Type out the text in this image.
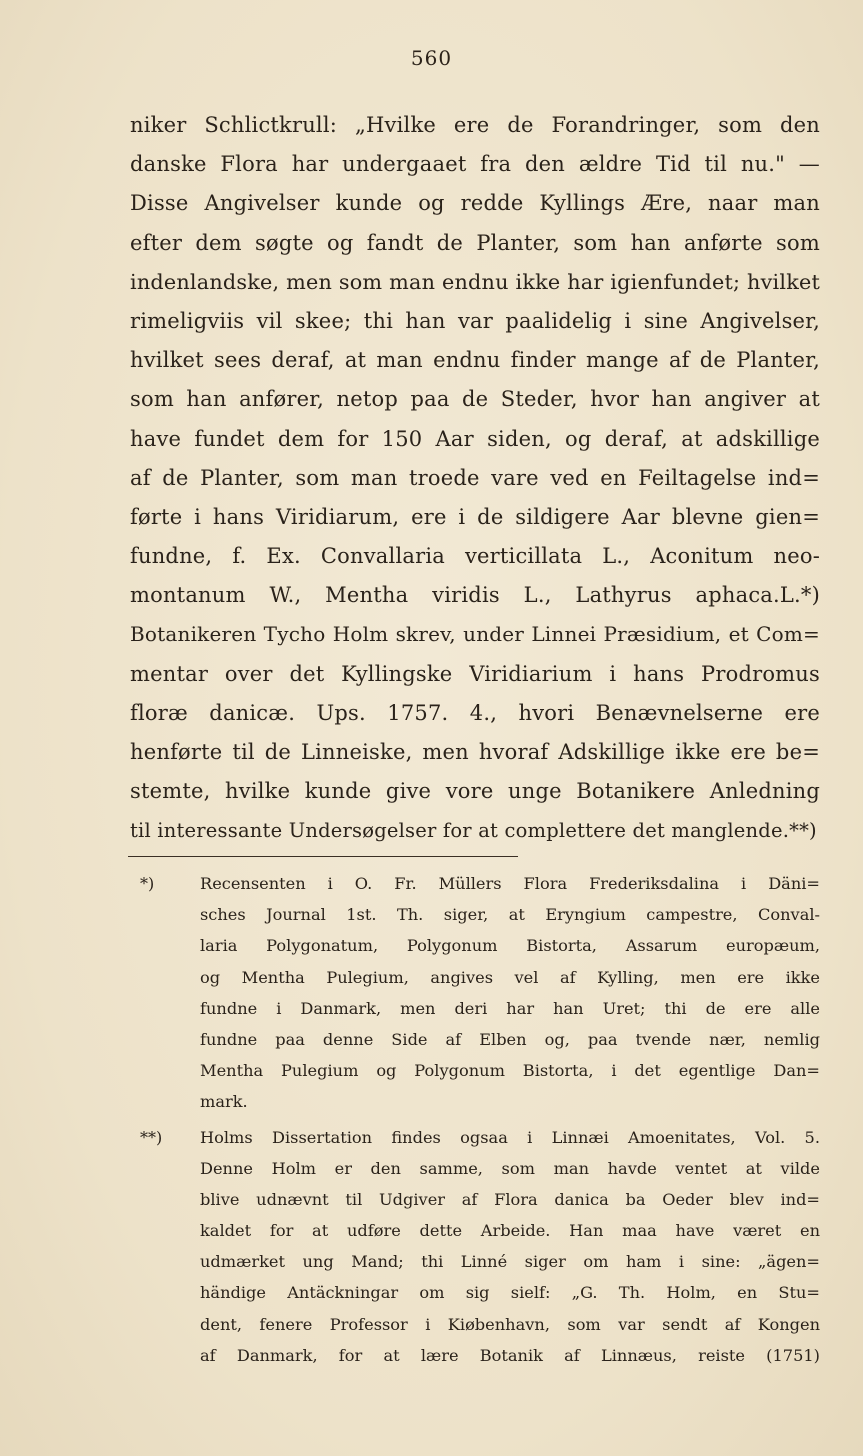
560
niker Schlictkrull: „Hvilke ere de Forandringer, som den
danske Flora har undergaaet fra den ældre Tid til nu." —
Disse Angivelser kunde og redde Kyllings Ære, naar man
efter dem søgte og fandt de Planter, som han anførte som
indenlandske, men som man endnu ikke har igienfundet; hvilket
rimeligviis vil skee; thi han var paalidelig i sine Angivelser,
hvilket sees deraf, at man endnu finder mange af de Planter,
som han anfører, netop paa de Steder, hvor han angiver at
have fundet dem for 150 Aar siden, og deraf, at adskillige
af de Planter, som man troede vare ved en Feiltagelse ind=
førte i hans Viridiarum, ere i de sildigere Aar blevne gien=
fundne, f. Ex. Convallaria verticillata L., Aconitum neo-
montanum W., Mentha viridis L., Lathyrus aphaca.L.*)
Botanikeren Tycho Holm skrev, under Linnei Præsidium, et Com=
mentar over det Kyllingske Viridiarium i hans Prodromus
floræ danicæ. Ups. 1757. 4., hvori Benævnelserne ere
henførte til de Linneiske, men hvoraf Adskillige ikke ere be=
stemte, hvilke kunde give vore unge Botanikere Anledning
til interessante Undersøgelser for at complettere det manglende.**)
*)	Recensenten i O. Fr. Müllers Flora Frederiksdalina i Däni=
sches Journal 1st. Th. siger, at Eryngium campestre, Conval-
laria Polygonatum, Polygonum Bistorta, Assarum europæum,
og Mentha Pulegium, angives vel af Kylling, men ere ikke
fundne i Danmark, men deri har han Uret; thi de ere alle
fundne paa denne Side af Elben og, paa tvende nær, nemlig
Mentha Pulegium og Polygonum Bistorta, i det egentlige Dan=
mark.
**) Holms Dissertation findes ogsaa i Linnæi Amoenitates, Vol. 5.
Denne Holm er den samme, som man havde ventet at vilde
blive udnævnt til Udgiver af Flora danica ba Oeder blev ind=
kaldet for at udføre dette Arbeide. Han maa have været en
udmærket ung Mand; thi Linné siger om ham i sine: „ägen=
händige Antäckningar om sig sielf: „G. Th. Holm, en Stu=
dent, fenere Professor i Kiøbenhavn, som var sendt af Kongen
af Danmark, for at lære Botanik af Linnæus, reiste (1751)
